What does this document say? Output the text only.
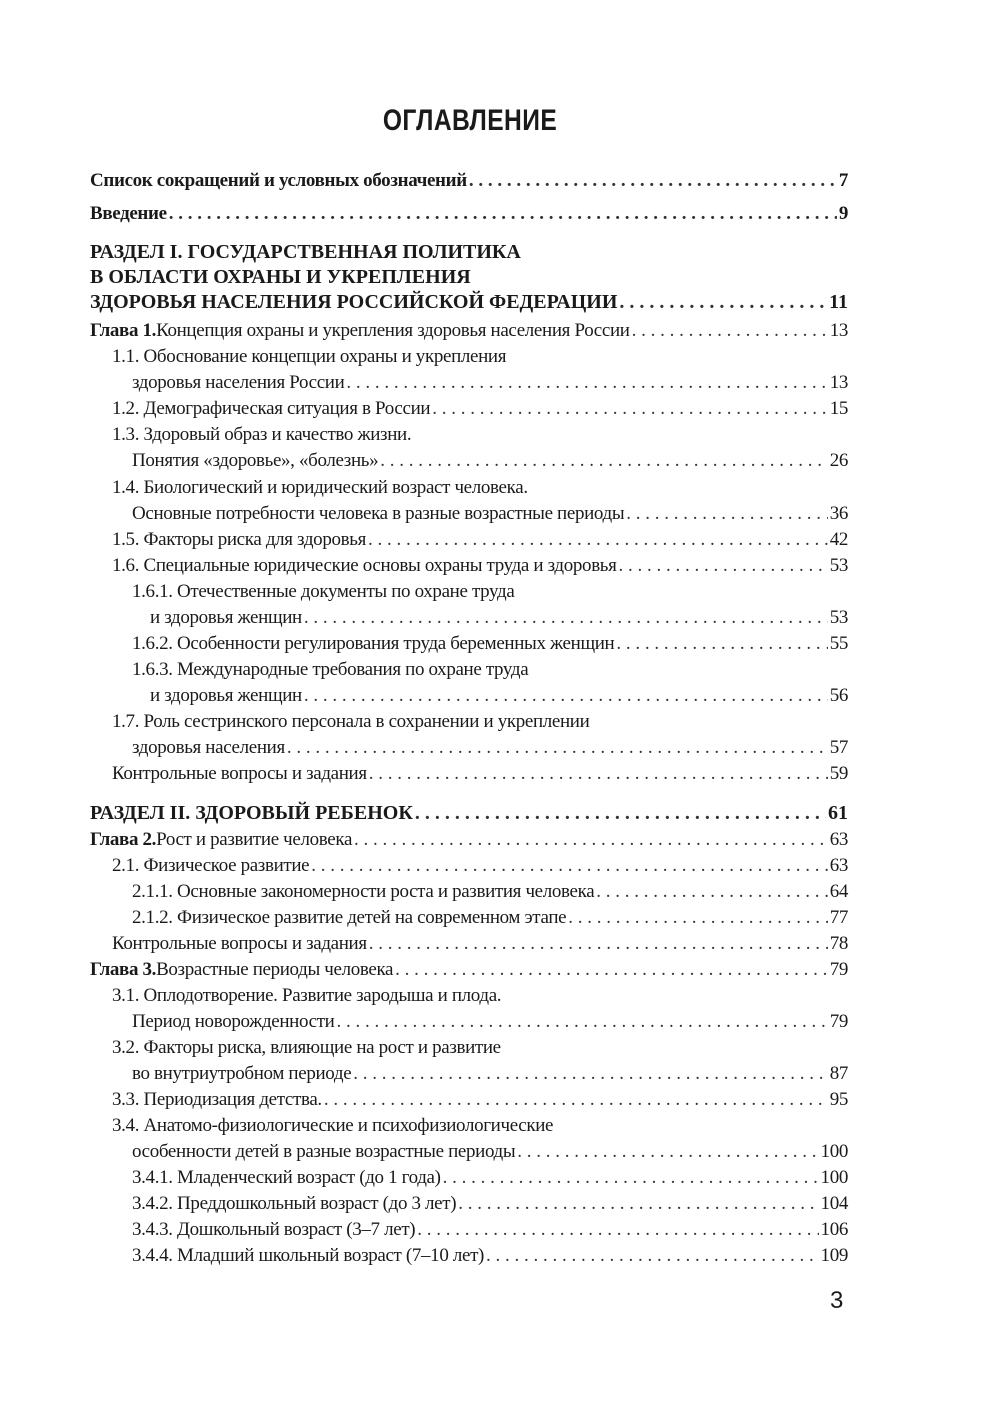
ОГЛАВЛЕНИЕ
Список сокращений и условных обозначений . . .	7
Введение . . .	9
РАЗДЕЛ I. ГОСУДАРСТВЕННАЯ ПОЛИТИКА
В ОБЛАСТИ ОХРАНЫ И УКРЕПЛЕНИЯ
ЗДОРОВЬЯ НАСЕЛЕНИЯ РОССИЙСКОЙ ФЕДЕРАЦИИ . . .	11
Глава 1. Концепция охраны и укрепления здоровья населения России . . .	13
1.1. Обоснование концепции охраны и укрепления
здоровья населения России . . .	13
1.2. Демографическая ситуация в России . . .	15
1.3. Здоровый образ и качество жизни.
Понятия «здоровье», «болезнь» . . .	26
1.4. Биологический и юридический возраст человека.
Основные потребности человека в разные возрастные периоды . . .	36
1.5. Факторы риска для здоровья . . .	42
1.6. Специальные юридические основы охраны труда и здоровья . . .	53
1.6.1. Отечественные документы по охране труда
и здоровья женщин . . .	53
1.6.2. Особенности регулирования труда беременных женщин . . .	55
1.6.3. Международные требования по охране труда
и здоровья женщин . . .	56
1.7. Роль сестринского персонала в сохранении и укреплении
здоровья населения . . .	57
Контрольные вопросы и задания . . .	59
РАЗДЕЛ II. ЗДОРОВЫЙ РЕБЕНОК . . .	61
Глава 2. Рост и развитие человека . . .	63
2.1. Физическое развитие . . .	63
2.1.1. Основные закономерности роста и развития человека . . .	64
2.1.2. Физическое развитие детей на современном этапе . . .	77
Контрольные вопросы и задания . . .	78
Глава 3. Возрастные периоды человека . . .	79
3.1. Оплодотворение. Развитие зародыша и плода.
Период новорожденности . . .	79
3.2. Факторы риска, влияющие на рост и развитие
во внутриутробном периоде . . .	87
3.3. Периодизация детства. . . .	95
3.4. Анатомо-физиологические и психофизиологические
особенности детей в разные возрастные периоды . . .	100
3.4.1. Младенческий возраст (до 1 года) . . .	100
3.4.2. Преддошкольный возраст (до 3 лет) . . .	104
3.4.3. Дошкольный возраст (3–7 лет) . . .	106
3.4.4. Младший школьный возраст (7–10 лет) . . .	109
3
